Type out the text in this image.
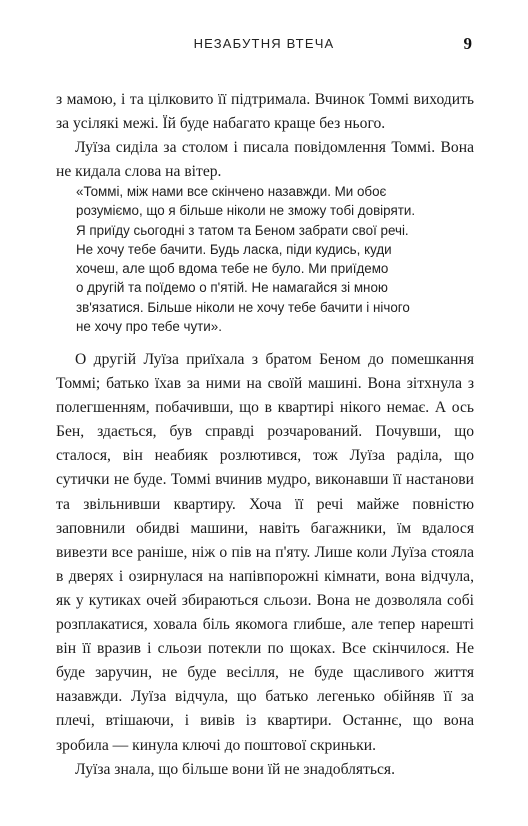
НЕЗАБУТНЯ ВТЕЧА	9

з мамою, і та цілковито її підтримала. Вчинок Томмі виходить за усілякі межі. Їй буде набагато краще без нього.

Луїза сиділа за столом і писала повідомлення Томмі. Вона не кидала слова на вітер.

«Томмі, між нами все скінчено назавжди. Ми обоє
розуміємо, що я більше ніколи не зможу тобі довіряти.
Я приїду сьогодні з татом та Беном забрати свої речі.
Не хочу тебе бачити. Будь ласка, піди кудись, куди
хочеш, але щоб вдома тебе не було. Ми приїдемо
о другій та поїдемо о п'ятій. Не намагайся зі мною
зв'язатися. Більше ніколи не хочу тебе бачити і нічого
не хочу про тебе чути».

О другій Луїза приїхала з братом Беном до помешкання Томмі; батько їхав за ними на своїй машині. Вона зітхнула з полегшенням, побачивши, що в квартирі нікого немає. А ось Бен, здається, був справді розчарований. Почувши, що сталося, він неабияк розлютився, тож Луїза раділа, що сутички не буде. Томмі вчинив мудро, виконавши її настанови та звільнивши квартиру. Хоча її речі майже повністю заповнили обидві машини, навіть багажники, їм вдалося вивезти все раніше, ніж о пів на п'яту. Лише коли Луїза стояла в дверях і озирнулася на напівпорожні кімнати, вона відчула, як у кутиках очей збираються сльози. Вона не дозволяла собі розплакатися, ховала біль якомога глибше, але тепер нарешті він її вразив і сльози потекли по щоках. Все скінчилося. Не буде заручин, не буде весілля, не буде щасливого життя назавжди. Луїза відчула, що батько легенько обійняв її за плечі, втішаючи, і вивів із квартири. Останнє, що вона зробила — кинула ключі до поштової скриньки.

Луїза знала, що більше вони їй не знадобляться.
